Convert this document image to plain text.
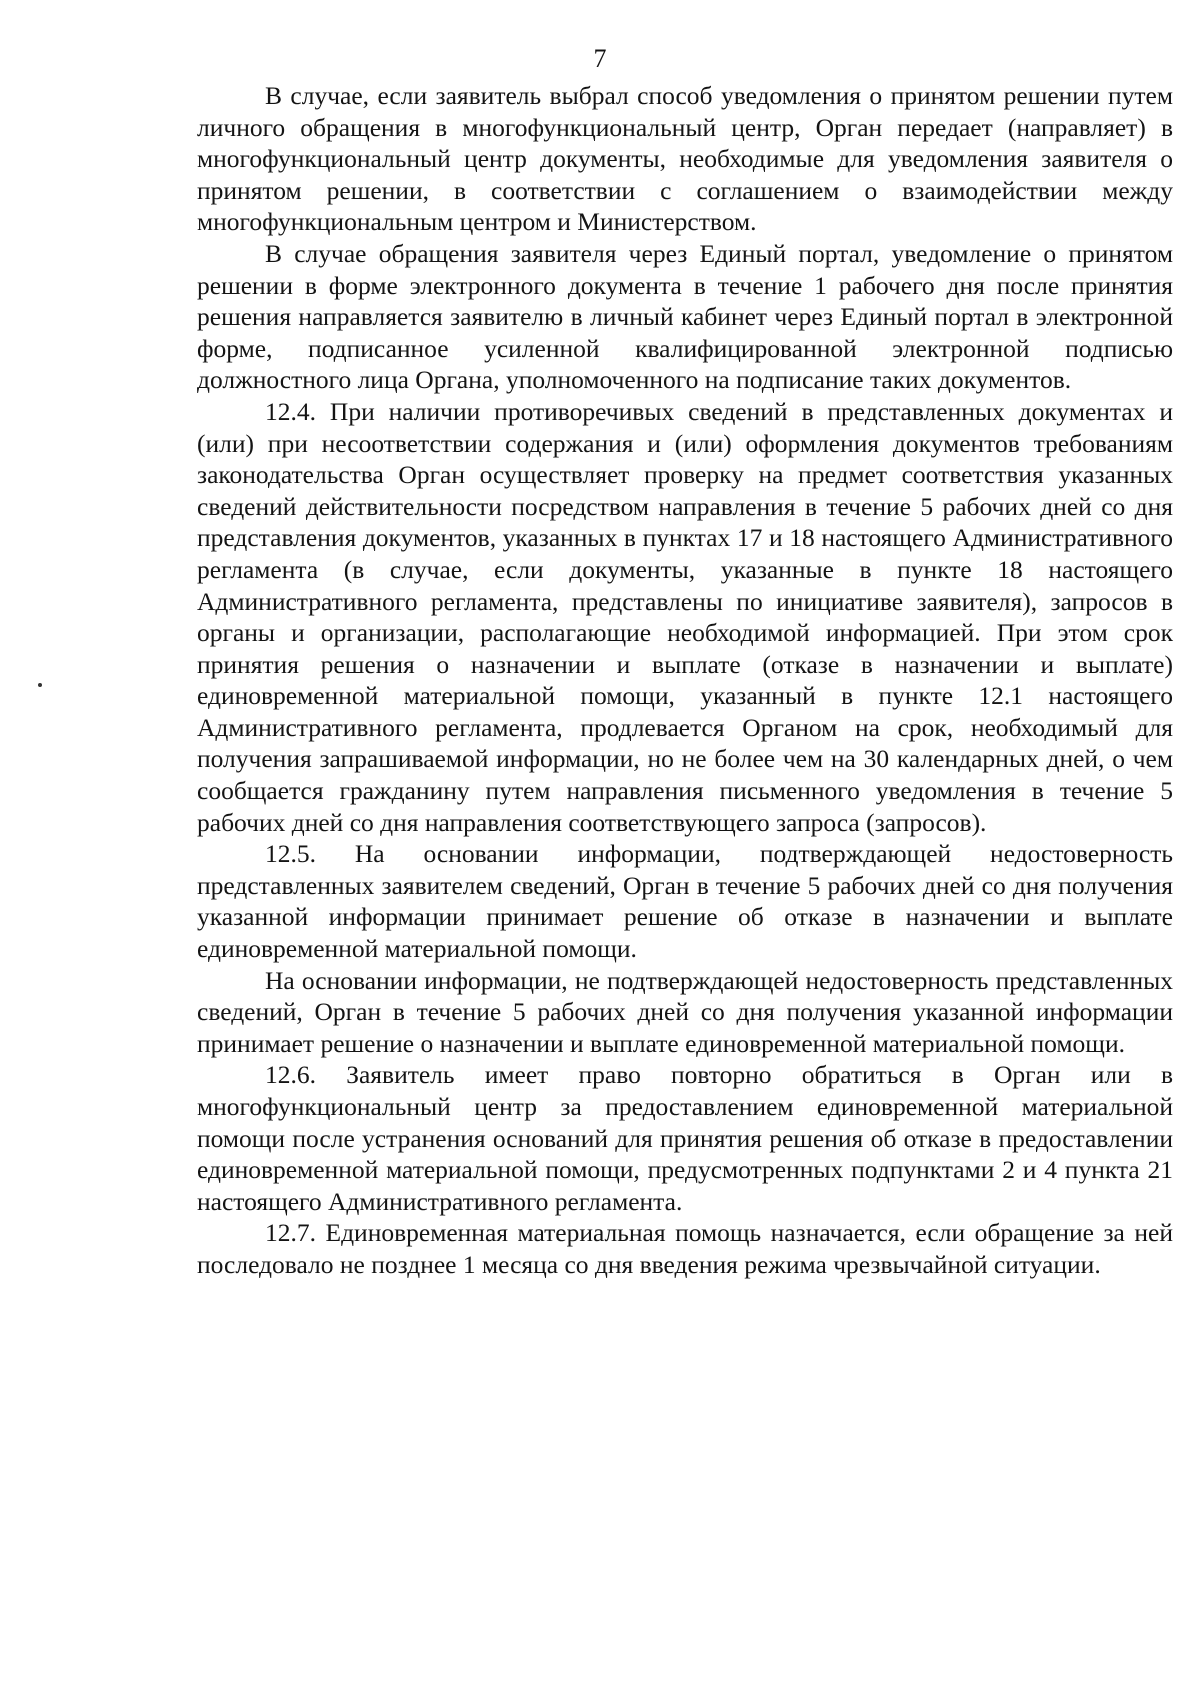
7

В случае, если заявитель выбрал способ уведомления о принятом решении путем личного обращения в многофункциональный центр, Орган передает (направляет) в многофункциональный центр документы, необходимые для уведомления заявителя о принятом решении, в соответствии с соглашением о взаимодействии между многофункциональным центром и Министерством.

В случае обращения заявителя через Единый портал, уведомление о принятом решении в форме электронного документа в течение 1 рабочего дня после принятия решения направляется заявителю в личный кабинет через Единый портал в электронной форме, подписанное усиленной квалифицированной электронной подписью должностного лица Органа, уполномоченного на подписание таких документов.

12.4. При наличии противоречивых сведений в представленных документах и (или) при несоответствии содержания и (или) оформления документов требованиям законодательства Орган осуществляет проверку на предмет соответствия указанных сведений действительности посредством направления в течение 5 рабочих дней со дня представления документов, указанных в пунктах 17 и 18 настоящего Административного регламента (в случае, если документы, указанные в пункте 18 настоящего Административного регламента, представлены по инициативе заявителя), запросов в органы и организации, располагающие необходимой информацией. При этом срок принятия решения о назначении и выплате (отказе в назначении и выплате) единовременной материальной помощи, указанный в пункте 12.1 настоящего Административного регламента, продлевается Органом на срок, необходимый для получения запрашиваемой информации, но не более чем на 30 календарных дней, о чем сообщается гражданину путем направления письменного уведомления в течение 5 рабочих дней со дня направления соответствующего запроса (запросов).

12.5. На основании информации, подтверждающей недостоверность представленных заявителем сведений, Орган в течение 5 рабочих дней со дня получения указанной информации принимает решение об отказе в назначении и выплате единовременной материальной помощи.

На основании информации, не подтверждающей недостоверность представленных сведений, Орган в течение 5 рабочих дней со дня получения указанной информации принимает решение о назначении и выплате единовременной материальной помощи.

12.6. Заявитель имеет право повторно обратиться в Орган или в многофункциональный центр за предоставлением единовременной материальной помощи после устранения оснований для принятия решения об отказе в предоставлении единовременной материальной помощи, предусмотренных подпунктами 2 и 4 пункта 21 настоящего Административного регламента.

12.7. Единовременная материальная помощь назначается, если обращение за ней последовало не позднее 1 месяца со дня введения режима чрезвычайной ситуации.
